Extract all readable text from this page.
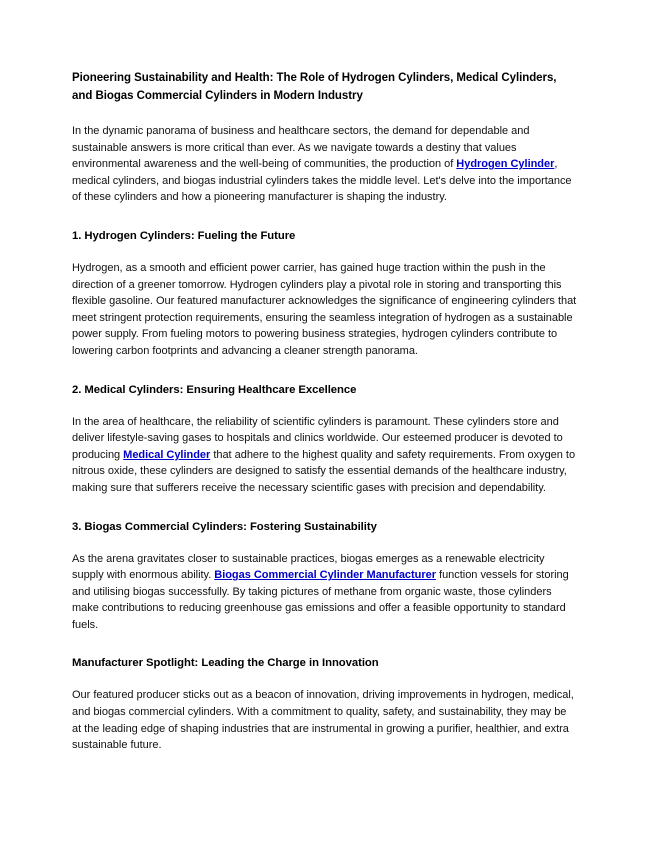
Pioneering Sustainability and Health: The Role of Hydrogen Cylinders, Medical Cylinders, and Biogas Commercial Cylinders in Modern Industry

In the dynamic panorama of business and healthcare sectors, the demand for dependable and sustainable answers is more critical than ever. As we navigate towards a destiny that values environmental awareness and the well-being of communities, the production of Hydrogen Cylinder, medical cylinders, and biogas industrial cylinders takes the middle level. Let's delve into the importance of these cylinders and how a pioneering manufacturer is shaping the industry.

1. Hydrogen Cylinders: Fueling the Future

Hydrogen, as a smooth and efficient power carrier, has gained huge traction within the push in the direction of a greener tomorrow. Hydrogen cylinders play a pivotal role in storing and transporting this flexible gasoline. Our featured manufacturer acknowledges the significance of engineering cylinders that meet stringent protection requirements, ensuring the seamless integration of hydrogen as a sustainable power supply. From fueling motors to powering business strategies, hydrogen cylinders contribute to lowering carbon footprints and advancing a cleaner strength panorama.

2. Medical Cylinders: Ensuring Healthcare Excellence

In the area of healthcare, the reliability of scientific cylinders is paramount. These cylinders store and deliver lifestyle-saving gases to hospitals and clinics worldwide. Our esteemed producer is devoted to producing Medical Cylinder that adhere to the highest quality and safety requirements. From oxygen to nitrous oxide, these cylinders are designed to satisfy the essential demands of the healthcare industry, making sure that sufferers receive the necessary scientific gases with precision and dependability.

3. Biogas Commercial Cylinders: Fostering Sustainability

As the arena gravitates closer to sustainable practices, biogas emerges as a renewable electricity supply with enormous ability. Biogas Commercial Cylinder Manufacturer function vessels for storing and utilising biogas successfully. By taking pictures of methane from organic waste, those cylinders make contributions to reducing greenhouse gas emissions and offer a feasible opportunity to standard fuels.

Manufacturer Spotlight: Leading the Charge in Innovation

Our featured producer sticks out as a beacon of innovation, driving improvements in hydrogen, medical, and biogas commercial cylinders. With a commitment to quality, safety, and sustainability, they may be at the leading edge of shaping industries that are instrumental in growing a purifier, healthier, and extra sustainable future.
